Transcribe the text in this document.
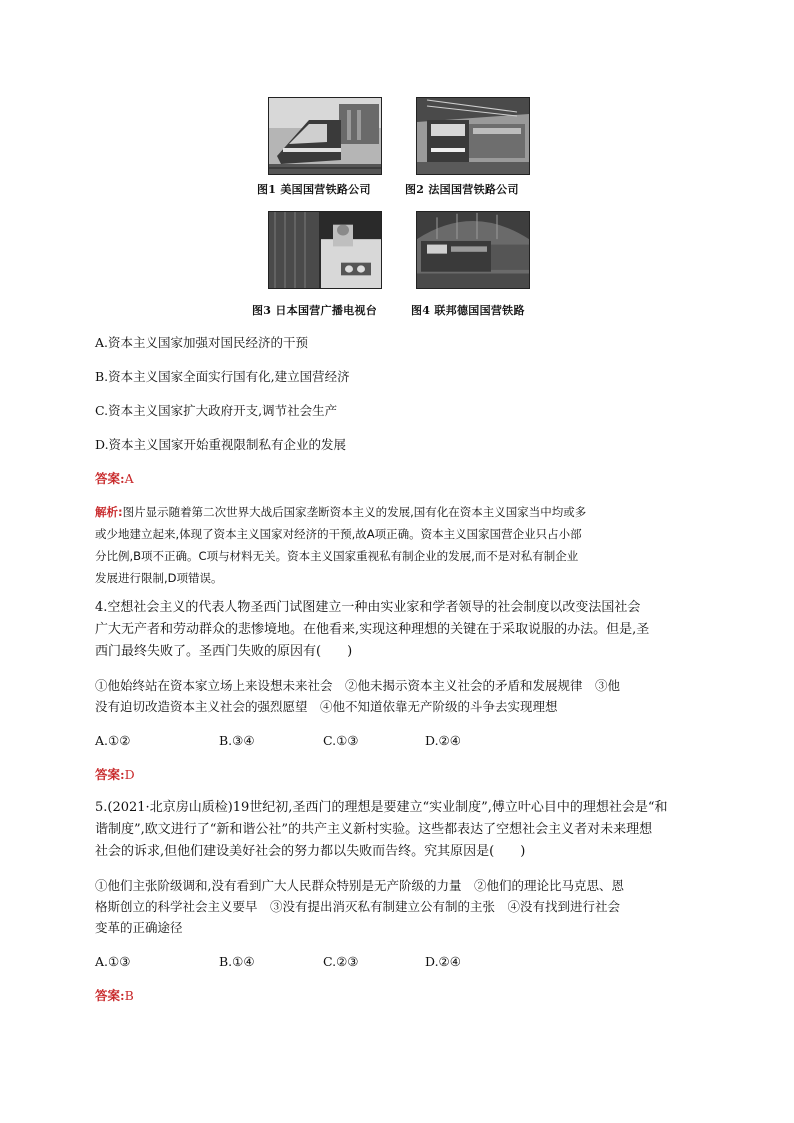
图1 美国国营铁路公司	图2 法国国营铁路公司
图3 日本国营广播电视台	图4 联邦德国国营铁路
A.资本主义国家加强对国民经济的干预
B.资本主义国家全面实行国有化,建立国营经济
C.资本主义国家扩大政府开支,调节社会生产
D.资本主义国家开始重视限制私有企业的发展
答案:A
解析:图片显示随着第二次世界大战后国家垄断资本主义的发展,国有化在资本主义国家当中均或多
或少地建立起来,体现了资本主义国家对经济的干预,故A项正确。资本主义国家国营企业只占小部
分比例,B项不正确。C项与材料无关。资本主义国家重视私有制企业的发展,而不是对私有制企业
发展进行限制,D项错误。
4.空想社会主义的代表人物圣西门试图建立一种由实业家和学者领导的社会制度以改变法国社会
广大无产者和劳动群众的悲惨境地。在他看来,实现这种理想的关键在于采取说服的办法。但是,圣
西门最终失败了。圣西门失败的原因有(　　)
①他始终站在资本家立场上来设想未来社会　②他未揭示资本主义社会的矛盾和发展规律　③他
没有迫切改造资本主义社会的强烈愿望　④他不知道依靠无产阶级的斗争去实现理想
A.①②	B.③④	C.①③	D.②④
答案:D
5.(2021·北京房山质检)19世纪初,圣西门的理想是要建立“实业制度”,傅立叶心目中的理想社会是“和
谐制度”,欧文进行了“新和谐公社”的共产主义新村实验。这些都表达了空想社会主义者对未来理想
社会的诉求,但他们建设美好社会的努力都以失败而告终。究其原因是(　　)
①他们主张阶级调和,没有看到广大人民群众特别是无产阶级的力量　②他们的理论比马克思、恩
格斯创立的科学社会主义要早　③没有提出消灭私有制建立公有制的主张　④没有找到进行社会
变革的正确途径
A.①③	B.①④	C.②③	D.②④
答案:B
